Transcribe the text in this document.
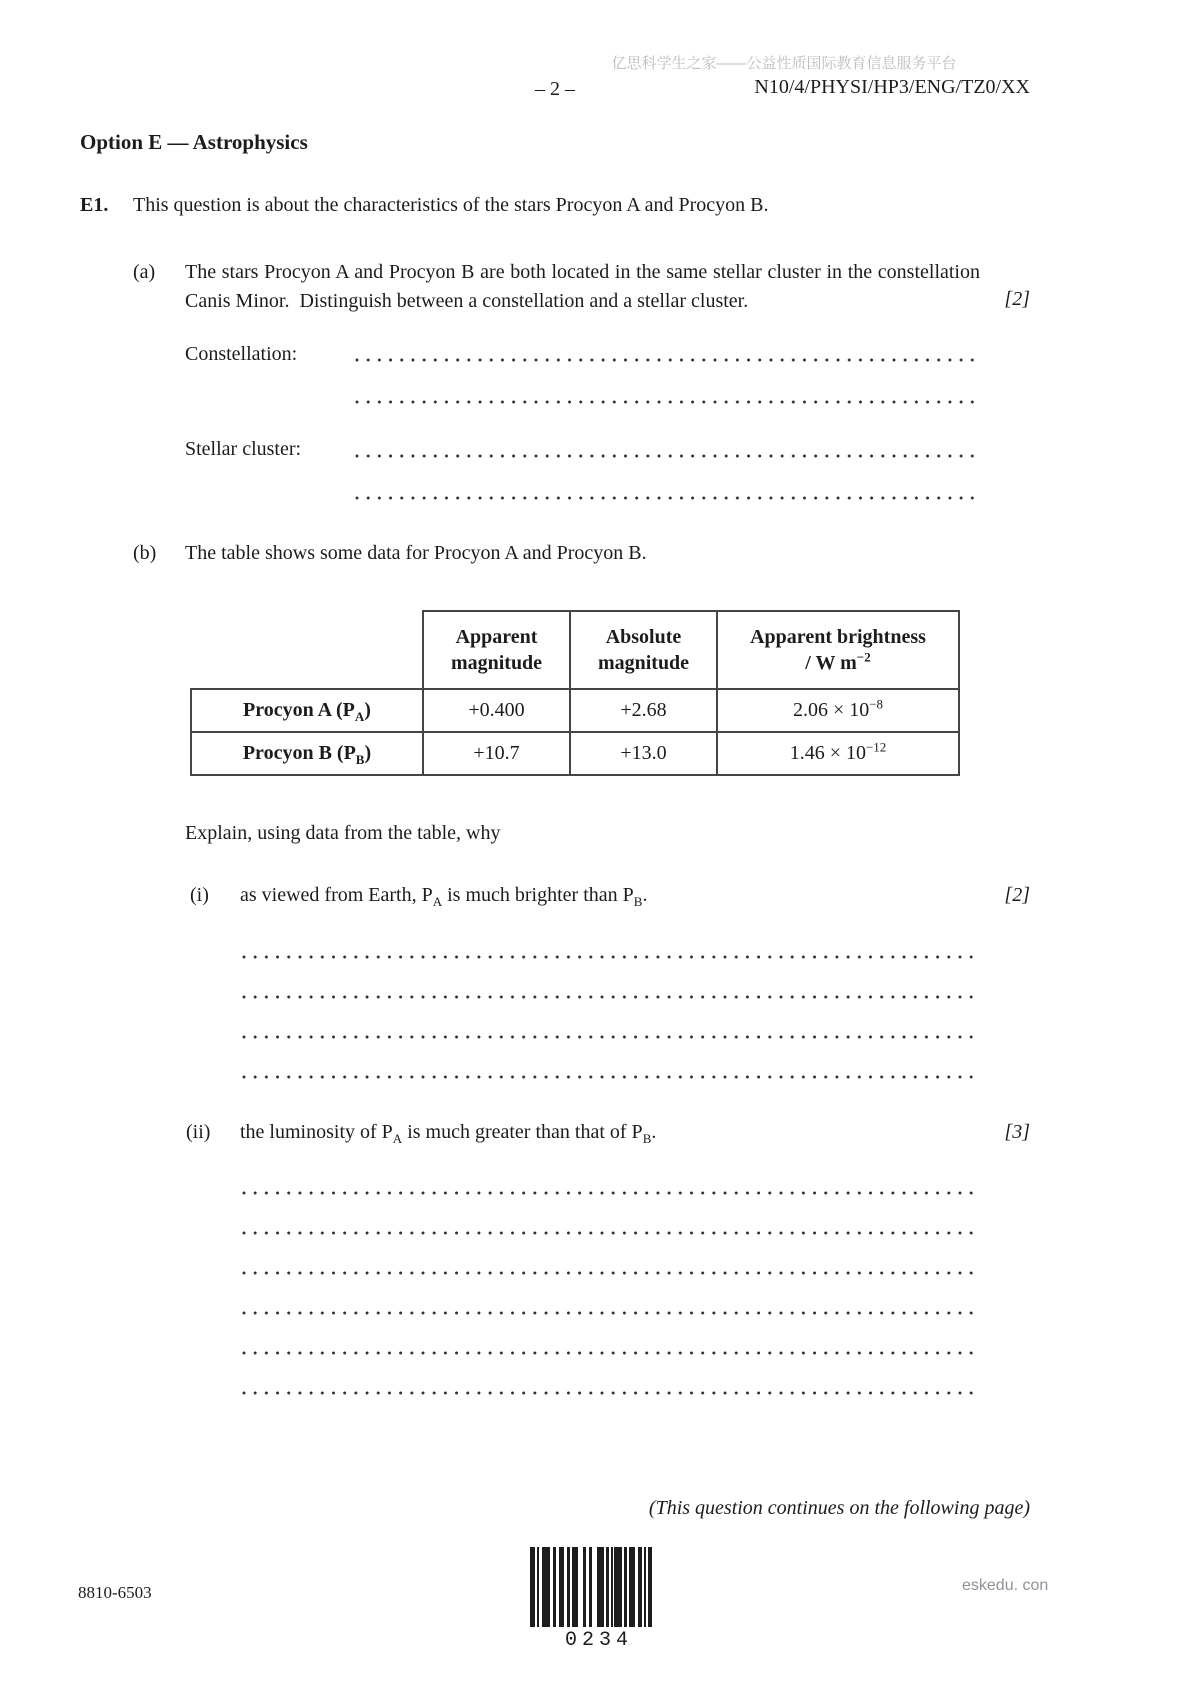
亿思科学生之家——公益性质国际教育信息服务平台
– 2 –	N10/4/PHYSI/HP3/ENG/TZ0/XX
Option E — Astrophysics
E1. This question is about the characteristics of the stars Procyon A and Procyon B.
(a) The stars Procyon A and Procyon B are both located in the same stellar cluster in the constellation Canis Minor.  Distinguish between a constellation and a stellar cluster.	[2]
Constellation:
Stellar cluster:
(b) The table shows some data for Procyon A and Procyon B.
	Apparent magnitude	Absolute magnitude	Apparent brightness
/ W $m^{-2}$
Procyon A $(P_A)$	+0.400	+2.68	$2.06 \times 10^{-8}$
Procyon B $(P_B)$	+10.7	+13.0	$1.46 \times 10^{-12}$
Explain, using data from the table, why
(i) as viewed from Earth, $P_A$ is much brighter than $P_B$.	[2]
(ii) the luminosity of $P_A$ is much greater than that of $P_B$.	[3]
(This question continues on the following page)
8810-6503
0234
eskedu. con
